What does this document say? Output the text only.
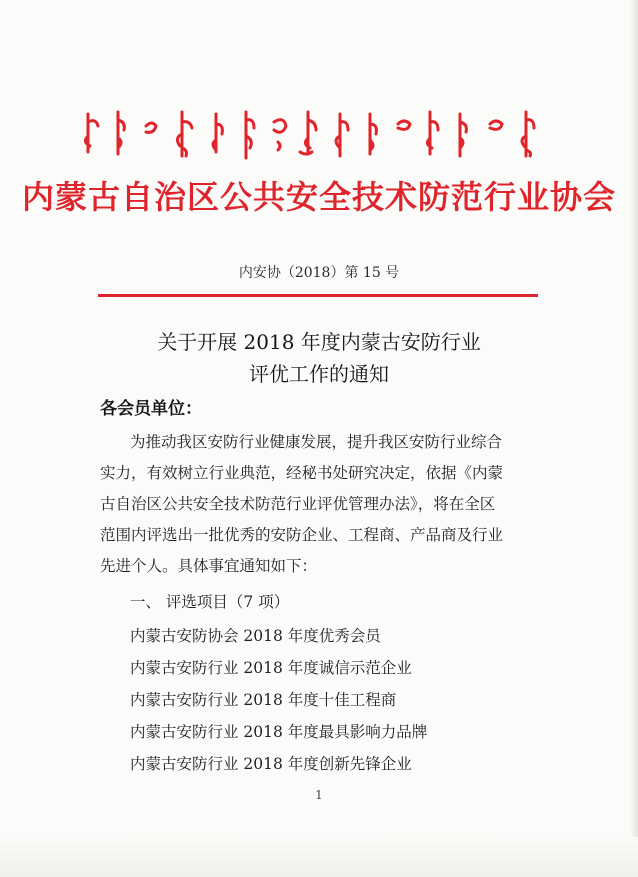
内蒙古自治区公共安全技术防范行业协会
内安协（2018）第 15 号
关于开展 2018 年度内蒙古安防行业
评优工作的通知
各会员单位：
为推动我区安防行业健康发展，提升我区安防行业综合
实力，有效树立行业典范，经秘书处研究决定，依据《内蒙
古自治区公共安全技术防范行业评优管理办法》，将在全区
范围内评选出一批优秀的安防企业、工程商、产品商及行业
先进个人。具体事宜通知如下：
一、 评选项目（7 项）
内蒙古安防协会 2018 年度优秀会员
内蒙古安防行业 2018 年度诚信示范企业
内蒙古安防行业 2018 年度十佳工程商
内蒙古安防行业 2018 年度最具影响力品牌
内蒙古安防行业 2018 年度创新先锋企业
1
